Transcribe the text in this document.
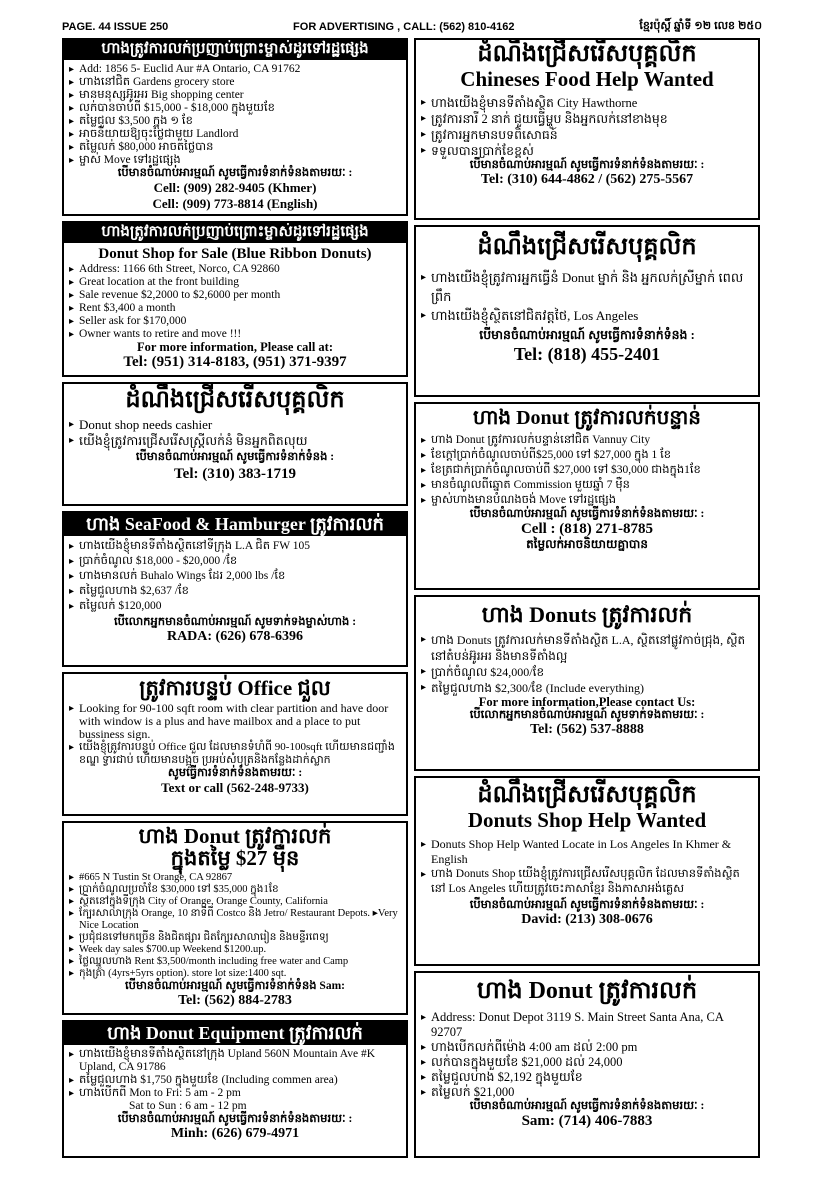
PAGE. 44 ISSUE 250	FOR ADVERTISING , CALL: (562) 810-4162	ខ្មែរប៉ុស្ដិ៍ ឆ្នាំទី ១២ លេខ ២៥០
ហាងត្រូវការលក់ប្រញាប់ព្រោះម្ចាស់ដូរទៅរដ្ឋផ្សេង
▸ Add: 1856 5- Euclid Aur #A Ontario, CA 91762
▸ ហាងនៅជិត Gardens grocery store
▸ មានមនុស្សអ៊ូរអរ Big shopping center
▸ លក់បានចាប់ពី $15,000 - $18,000 ក្នុងមួយខែ
▸ តម្លៃជួល $3,500 ក្នុង ១ ខែ
▸ អាចនិយាយឱ្យចុះថ្លៃជាមួយ Landlord
▸ តម្លៃលក់ $80,000 អាចតថ្លៃបាន
▸ ម្ចាស់ Move ទៅរដ្ឋផ្សេង
បើមានចំណាប់អារម្មណ៍ សូមធ្វើការទំនាក់ទំនងតាមរយៈ :
Cell: (909) 282-9405 (Khmer)
Cell: (909) 773-8814 (English)
ហាងត្រូវការលក់ប្រញាប់ព្រោះម្ចាស់ដូរទៅរដ្ឋផ្សេង
Donut Shop for Sale (Blue Ribbon Donuts)
▸ Address: 1166 6th Street, Norco, CA 92860
▸ Great location at the front building
▸ Sale revenue $2,2000 to $2,6000 per month
▸ Rent $3,400 a month
▸ Seller ask for $170,000
▸ Owner wants to retire and move !!!
For more information, Please call at:
Tel: (951) 314-8183, (951) 371-9397
ដំណឹងជ្រើសរើសបុគ្គលិក
▸ Donut shop needs cashier
▸ យើងខ្ញុំត្រូវការជ្រើសរើសស្រ្តីលក់នំ មិនអ្នកពិតលុយ
បើមានចំណាប់អារម្មណ៍ សូមធ្វើការទំនាក់ទំនង :
Tel: (310) 383-1719
ហាង SeaFood & Hamburger ត្រូវការលក់
▸ ហាងយើងខ្ញុំមានទីតាំងស្ថិតនៅទីក្រុង L.A ជិត FW 105
▸ ប្រាក់ចំណូល $18,000 - $20,000 /ខែ
▸ ហាងមានលក់ Buhalo Wings ដែរ 2,000 lbs /ខែ
▸ តម្លៃជួលហាង $2,637 /ខែ
▸ តម្លៃលក់ $120,000
បើលោកអ្នកមានចំណាប់អារម្មណ៍ សូមទាក់ទងម្ចាស់ហាង :
RADA: (626) 678-6396
ត្រូវការបន្ទប់ Office ជួល
▸ Looking for 90-100 sqft room with clear partition and have door with window is a plus and have mailbox and a place to put bussiness sign.
▸ យើងខ្ញុំត្រូវការបន្ទប់ Office ជួល ដែលមានទំហំពី 90-100sqft ហើយមានជញ្ជាំងខណ្ឌ ទ្វារជាប់ ហើយមានបង្អួច ប្រអប់សំបុត្រនិងកន្លែងដាក់ស្លាក
សូមធ្វើការទំនាក់ទំនងតាមរយៈ :
Text or call (562-248-9733)
ហាង Donut ត្រូវការលក់
ក្នុងតម្លៃ $27 ម៉ឺន
▸ #665 N Tustin St Orange, CA 92867
▸ ប្រាក់ចំណូលប្រចាំខែ $30,000 ទៅ $35,000 ក្នុង1ខែ
▸ ស្ថិតនៅក្នុងទីក្រុង City of Orange, Orange County, California
▸ ក្បែរសាលាក្រុង Orange, 10 នាទីពី Costco និង Jetro/ Restaurant Depots. ▸Very Nice Location
▸ ប្រជុំជនទៅមកច្រើន និងជិតផ្សារ ជិតក្បែរសាលារៀន និងមន្ទីរពេទ្យ
▸ Week day sales $700.up Weekend $1200.up.
▸ ថ្លៃឈ្នួលហាង Rent $3,500/month including free water and Camp
▸ កុងត្រា (4yrs+5yrs option). store lot size:1400 sqt.
បើមានចំណាប់អារម្មណ៍ សូមធ្វើការទំនាក់ទំនង Sam:
Tel: (562) 884-2783
ហាង Donut Equipment ត្រូវការលក់
▸ ហាងយើងខ្ញុំមានទីតាំងស្ថិតនៅក្រុង Upland 560N Mountain Ave #K Upland, CA 91786
▸ តម្លៃជួលហាង $1,750 ក្នុងមួយខែ (Including commen area)
▸ ហាងបើកពី Mon to Fri: 5 am - 2 pm
Sat to Sun : 6 am - 12 pm
បើមានចំណាប់អារម្មណ៍ សូមធ្វើការទំនាក់ទំនងតាមរយៈ :
Minh: (626) 679-4971
ដំណឹងជ្រើសរើសបុគ្គលិក
Chineses Food Help Wanted
▸ ហាងយើងខ្ញុំមានទីតាំងស្ថិត City Hawthorne
▸ ត្រូវការនារី 2 នាក់ ជួយធ្វើម្ហូប និងអ្នកលក់នៅខាងមុខ
▸ ត្រូវការអ្នកមានបទពិសោធន៍
▸ ទទួលបានប្រាក់ខែខ្ពស់
បើមានចំណាប់អារម្មណ៍ សូមធ្វើការទំនាក់ទំនងតាមរយៈ :
Tel: (310) 644-4862 / (562) 275-5567
ដំណឹងជ្រើសរើសបុគ្គលិក
▸ ហាងយើងខ្ញុំត្រូវការអ្នកធ្វើនំ Donut ម្នាក់ និង អ្នកលក់ស្រីម្នាក់ ពេលព្រឹក
▸ ហាងយើងខ្ញុំស្ថិតនៅជិតវត្តថៃ, Los Angeles
បើមានចំណាប់អារម្មណ៍ សូមធ្វើការទំនាក់ទំនង :
Tel: (818) 455-2401
ហាង Donut ត្រូវការលក់បន្ទាន់
▸ ហាង Donut ត្រូវការលក់បន្ទាន់នៅជិត Vannuy City
▸ ខែក្ដៅប្រាក់ចំណូលចាប់ពី$25,000 ទៅ $27,000 ក្នុង 1 ខែ
▸ ខែត្រជាក់ប្រាក់ចំណូលចាប់ពី $27,000 ទៅ $30,000 ជាងក្នុង1ខែ
▸ មានចំណូលពីឆ្នោត Commission មួយឆ្នាំ 7 ម៉ឺន
▸ ម្ចាស់ហាងមានបំណងចង់ Move ទៅរដ្ឋផ្សេង
បើមានចំណាប់អារម្មណ៍ សូមធ្វើការទំនាក់ទំនងតាមរយៈ :
Cell : (818) 271-8785
តម្លៃលក់អាចនិយាយគ្នាបាន
ហាង Donuts ត្រូវការលក់
▸ ហាង Donuts ត្រូវការលក់មានទីតាំងស្ថិត L.A, ស្ថិតនៅផ្លូវកាច់ជ្រុង, ស្ថិតនៅតំបន់អ៊ូរអរ និងមានទីតាំងល្អ
▸ ប្រាក់ចំណូល $24,000/ខែ
▸ តម្លៃជួលហាង $2,300/ខែ (Include everything)
For more information,Please contact Us:
បើលោកអ្នកមានចំណាប់អារម្មណ៍ សូមទាក់ទងតាមរយៈ :
Tel: (562) 537-8888
ដំណឹងជ្រើសរើសបុគ្គលិក
Donuts Shop Help Wanted
▸ Donuts Shop Help Wanted Locate in Los Angeles In Khmer & English
▸ ហាង Donuts Shop យើងខ្ញុំត្រូវការជ្រើសរើសបុគ្គលិក ដែលមានទីតាំងស្ថិតនៅ Los Angeles ហើយត្រូវចេះភាសាខ្មែរ និងភាសាអង់គ្លេស
បើមានចំណាប់អារម្មណ៍ សូមធ្វើការទំនាក់ទំនងតាមរយៈ :
David: (213) 308-0676
ហាង Donut ត្រូវការលក់
▸ Address: Donut Depot 3119 S. Main Street Santa Ana, CA 92707
▸ ហាងបើកលក់ពីម៉ោង 4:00 am ដល់ 2:00 pm
▸ លក់បានក្នុងមួយខែ $21,000 ដល់ 24,000
▸ តម្លៃជួលហាង $2,192 ក្នុងមួយខែ
▸ តម្លៃលក់ $21,000
បើមានចំណាប់អារម្មណ៍ សូមធ្វើការទំនាក់ទំនងតាមរយៈ :
Sam: (714) 406-7883
